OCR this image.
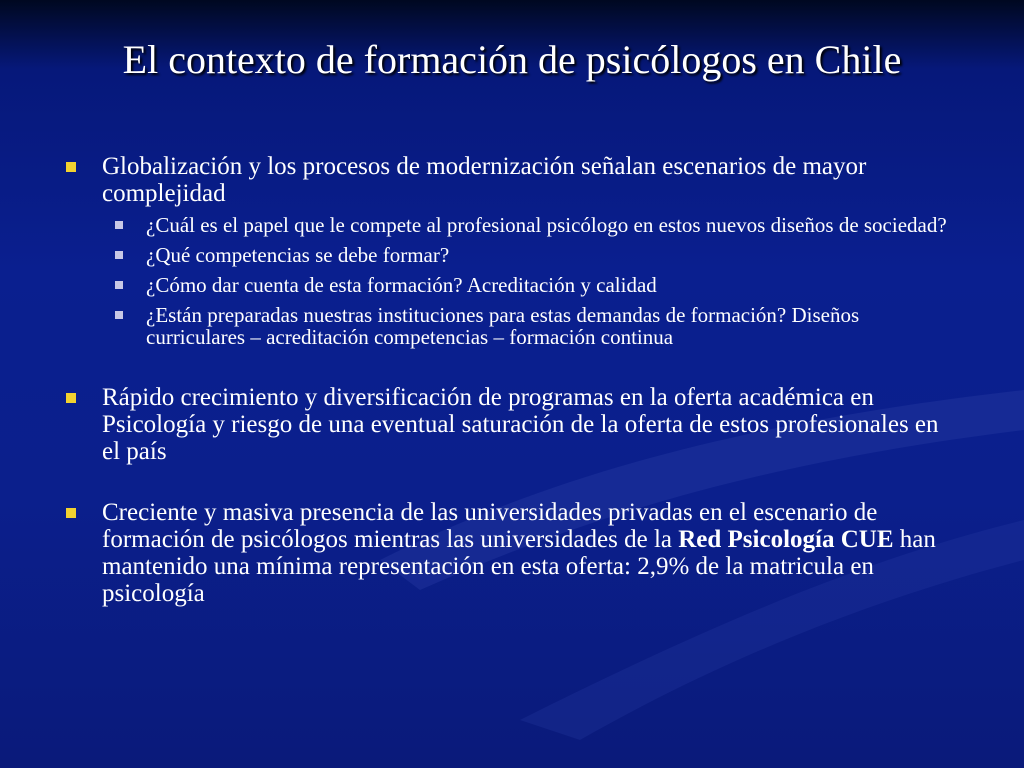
El contexto de formación de psicólogos en Chile
Globalización y los procesos de modernización señalan escenarios de mayor complejidad
¿Cuál es el papel que le compete al profesional psicólogo en estos nuevos diseños de sociedad?
¿Qué competencias se debe formar?
¿Cómo dar cuenta de esta formación? Acreditación y calidad
¿Están preparadas nuestras instituciones para estas demandas de formación? Diseños curriculares – acreditación competencias – formación continua
Rápido crecimiento y diversificación de programas en la oferta académica en Psicología y riesgo de una eventual saturación de la oferta de estos profesionales en el país
Creciente y masiva presencia de las universidades privadas en el escenario de formación de psicólogos mientras las universidades de la Red Psicología CUE han mantenido una mínima representación en esta oferta: 2,9% de la matricula en psicología
